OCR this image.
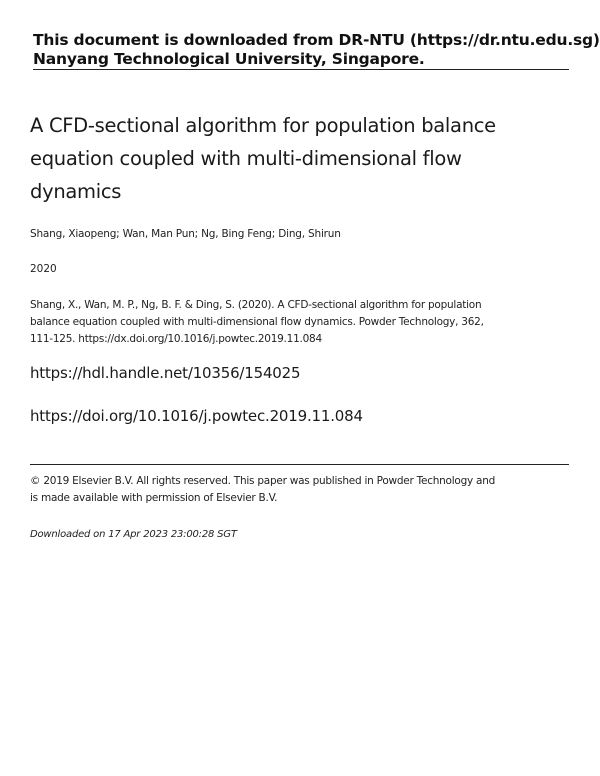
This document is downloaded from DR-NTU (https://dr.ntu.edu.sg)
Nanyang Technological University, Singapore.
A CFD-sectional algorithm for population balance equation coupled with multi-dimensional flow dynamics
Shang, Xiaopeng; Wan, Man Pun; Ng, Bing Feng; Ding, Shirun
2020
Shang, X., Wan, M. P., Ng, B. F. & Ding, S. (2020). A CFD-sectional algorithm for population balance equation coupled with multi-dimensional flow dynamics. Powder Technology, 362, 111-125. https://dx.doi.org/10.1016/j.powtec.2019.11.084
https://hdl.handle.net/10356/154025
https://doi.org/10.1016/j.powtec.2019.11.084
© 2019 Elsevier B.V. All rights reserved. This paper was published in Powder Technology and is made available with permission of Elsevier B.V.
Downloaded on 17 Apr 2023 23:00:28 SGT
